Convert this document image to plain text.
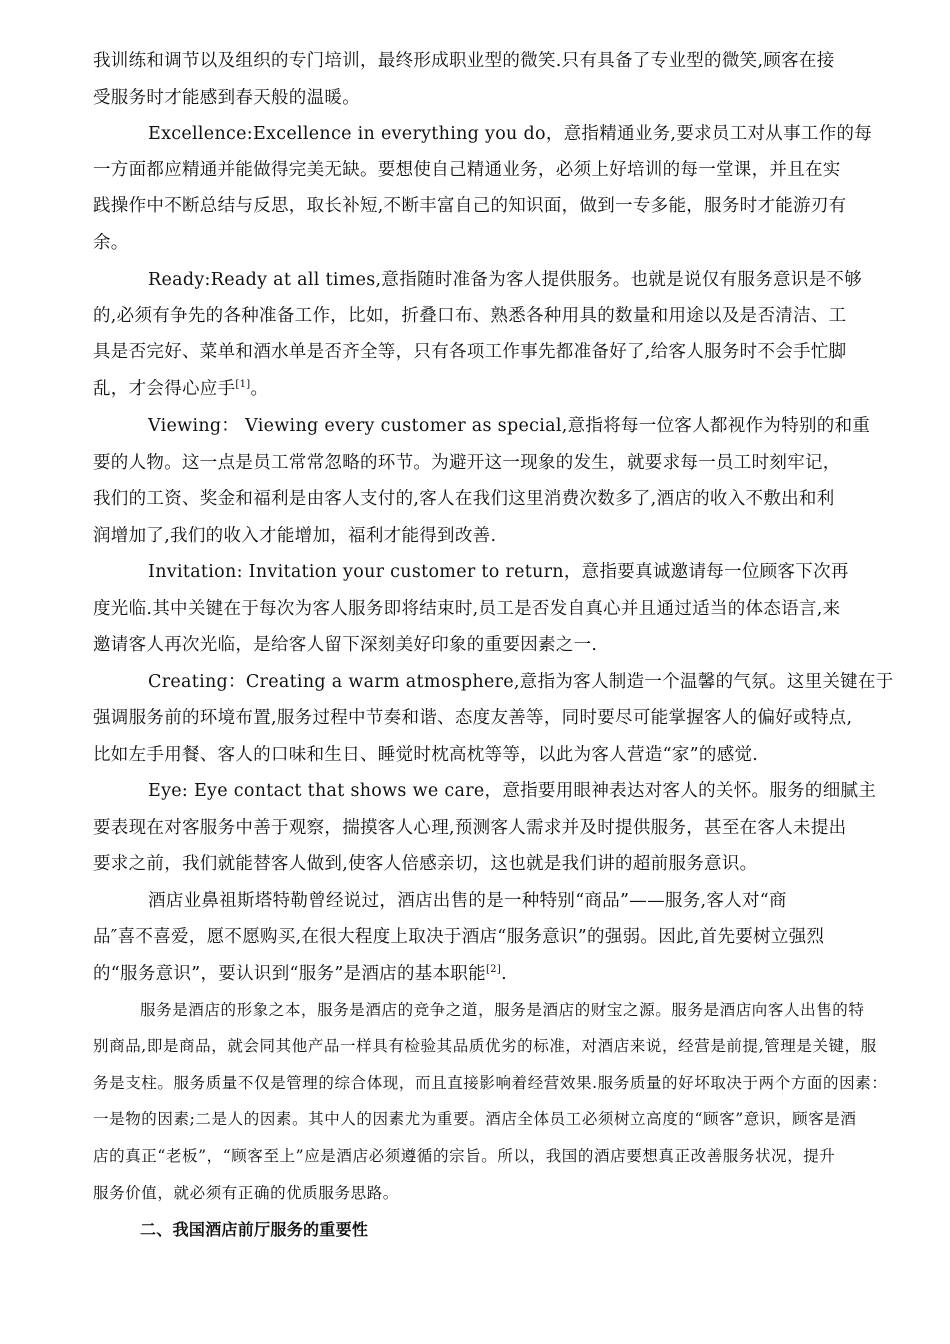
我训练和调节以及组织的专门培训，最终形成职业型的微笑.只有具备了专业型的微笑,顾客在接
受服务时才能感到春天般的温暖。
Excellence:Excellence in everything you do，意指精通业务,要求员工对从事工作的每
一方面都应精通并能做得完美无缺。要想使自己精通业务，必须上好培训的每一堂课，并且在实
践操作中不断总结与反思，取长补短,不断丰富自己的知识面，做到一专多能，服务时才能游刃有
余。
Ready:Ready at all times,意指随时准备为客人提供服务。也就是说仅有服务意识是不够
的,必须有争先的各种准备工作，比如，折叠口布、熟悉各种用具的数量和用途以及是否清洁、工
具是否完好、菜单和酒水单是否齐全等，只有各项工作事先都准备好了,给客人服务时不会手忙脚
乱，才会得心应手[1]。
Viewing： Viewing every customer as special,意指将每一位客人都视作为特别的和重
要的人物。这一点是员工常常忽略的环节。为避开这一现象的发生，就要求每一员工时刻牢记，
我们的工资、奖金和福利是由客人支付的,客人在我们这里消费次数多了,酒店的收入不敷出和利
润增加了,我们的收入才能增加，福利才能得到改善.
Invitation: Invitation your customer to return，意指要真诚邀请每一位顾客下次再
度光临.其中关键在于每次为客人服务即将结束时,员工是否发自真心并且通过适当的体态语言,来
邀请客人再次光临，是给客人留下深刻美好印象的重要因素之一.
Creating：Creating a warm atmosphere,意指为客人制造一个温馨的气氛。这里关键在于
强调服务前的环境布置,服务过程中节奏和谐、态度友善等，同时要尽可能掌握客人的偏好或特点,
比如左手用餐、客人的口味和生日、睡觉时枕高枕等等，以此为客人营造“家”的感觉.
Eye: Eye contact that shows we care，意指要用眼神表达对客人的关怀。服务的细腻主
要表现在对客服务中善于观察，揣摸客人心理,预测客人需求并及时提供服务，甚至在客人未提出
要求之前，我们就能替客人做到,使客人倍感亲切，这也就是我们讲的超前服务意识。
酒店业鼻祖斯塔特勒曾经说过，酒店出售的是一种特别“商品”——服务,客人对“商
品″喜不喜爱，愿不愿购买,在很大程度上取决于酒店“服务意识”的强弱。因此,首先要树立强烈
的“服务意识”，要认识到“服务”是酒店的基本职能[2].
服务是酒店的形象之本，服务是酒店的竞争之道，服务是酒店的财宝之源。服务是酒店向客人出售的特
别商品,即是商品，就会同其他产品一样具有检验其品质优劣的标准，对酒店来说，经营是前提,管理是关键，服
务是支柱。服务质量不仅是管理的综合体现，而且直接影响着经营效果.服务质量的好坏取决于两个方面的因素：
一是物的因素;二是人的因素。其中人的因素尤为重要。酒店全体员工必须树立高度的“顾客”意识，顾客是酒
店的真正“老板”，“顾客至上”应是酒店必须遵循的宗旨。所以，我国的酒店要想真正改善服务状况，提升
服务价值，就必须有正确的优质服务思路。
二、我国酒店前厅服务的重要性
